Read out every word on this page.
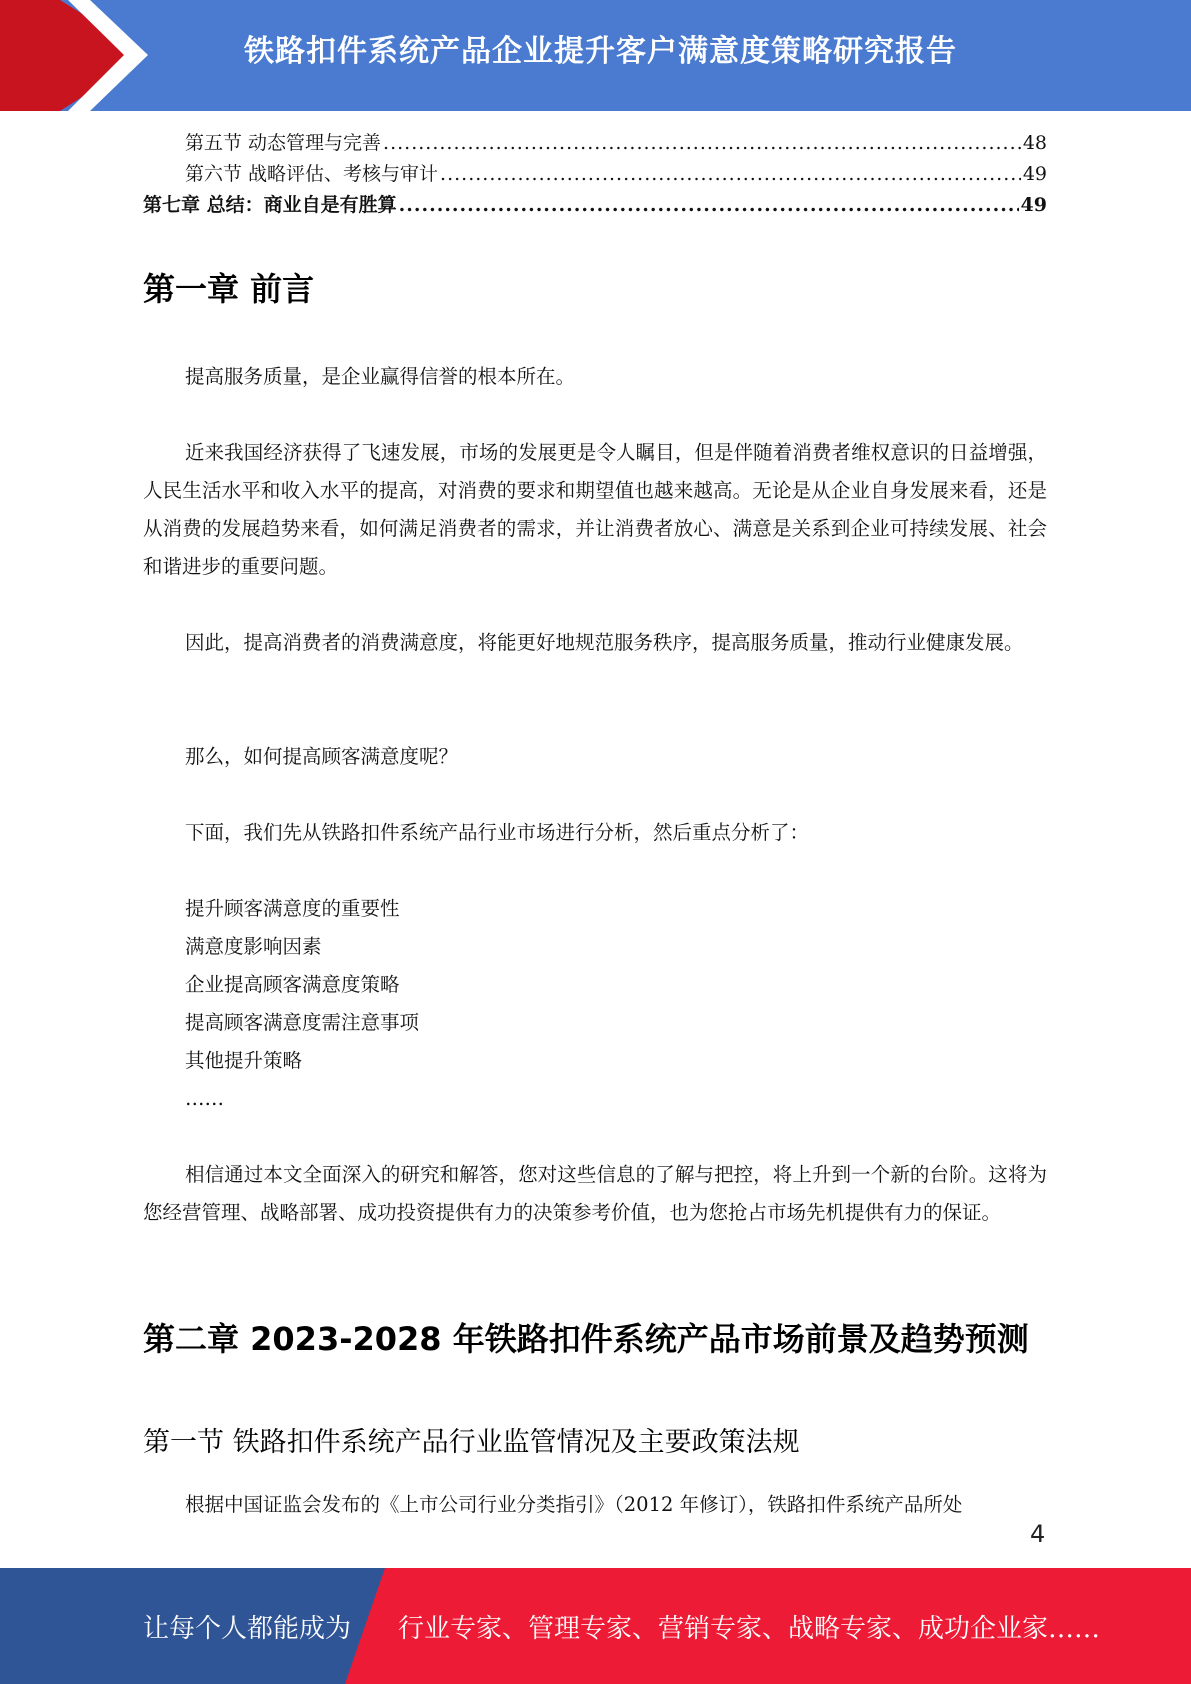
铁路扣件系统产品企业提升客户满意度策略研究报告
第五节 动态管理与完善 .....	48
第六节 战略评估、考核与审计 .....	49
第七章 总结：商业自是有胜算 .....	49
第一章 前言

提高服务质量，是企业赢得信誉的根本所在。

近来我国经济获得了飞速发展，市场的发展更是令人瞩目，但是伴随着消费者维权意识的日益增强，人民生活水平和收入水平的提高，对消费的要求和期望值也越来越高。无论是从企业自身发展来看，还是从消费的发展趋势来看，如何满足消费者的需求，并让消费者放心、满意是关系到企业可持续发展、社会和谐进步的重要问题。

因此，提高消费者的消费满意度，将能更好地规范服务秩序，提高服务质量，推动行业健康发展。

那么，如何提高顾客满意度呢？

下面，我们先从铁路扣件系统产品行业市场进行分析，然后重点分析了：

提升顾客满意度的重要性
满意度影响因素
企业提高顾客满意度策略
提高顾客满意度需注意事项
其他提升策略
……

相信通过本文全面深入的研究和解答，您对这些信息的了解与把控，将上升到一个新的台阶。这将为您经营管理、战略部署、成功投资提供有力的决策参考价值，也为您抢占市场先机提供有力的保证。

第二章 2023-2028 年铁路扣件系统产品市场前景及趋势预测
第一节 铁路扣件系统产品行业监管情况及主要政策法规

根据中国证监会发布的《上市公司行业分类指引》（2012 年修订），铁路扣件系统产品所处

4
让每个人都能成为 行业专家、管理专家、营销专家、战略专家、成功企业家……
